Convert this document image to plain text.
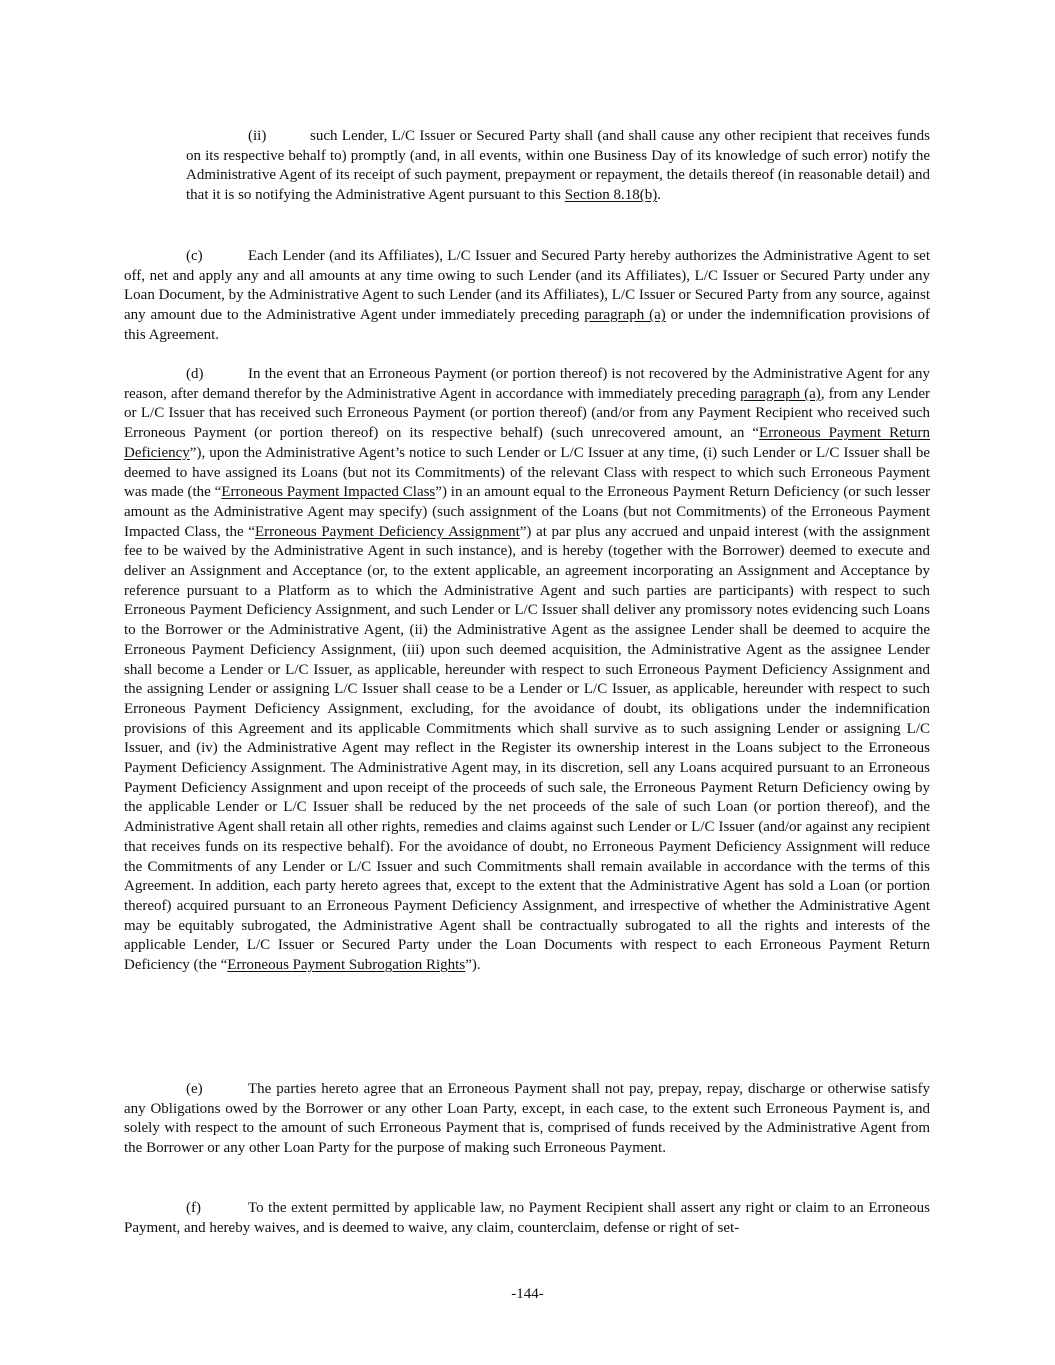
(ii)	such Lender, L/C Issuer or Secured Party shall (and shall cause any other recipient that receives funds on its respective behalf to) promptly (and, in all events, within one Business Day of its knowledge of such error) notify the Administrative Agent of its receipt of such payment, prepayment or repayment, the details thereof (in reasonable detail) and that it is so notifying the Administrative Agent pursuant to this Section 8.18(b).

(c)	Each Lender (and its Affiliates), L/C Issuer and Secured Party hereby authorizes the Administrative Agent to set off, net and apply any and all amounts at any time owing to such Lender (and its Affiliates), L/C Issuer or Secured Party under any Loan Document, by the Administrative Agent to such Lender (and its Affiliates), L/C Issuer or Secured Party from any source, against any amount due to the Administrative Agent under immediately preceding paragraph (a) or under the indemnification provisions of this Agreement.

(d)	In the event that an Erroneous Payment (or portion thereof) is not recovered by the Administrative Agent for any reason, after demand therefor by the Administrative Agent in accordance with immediately preceding paragraph (a), from any Lender or L/C Issuer that has received such Erroneous Payment (or portion thereof) (and/or from any Payment Recipient who received such Erroneous Payment (or portion thereof) on its respective behalf) (such unrecovered amount, an “Erroneous Payment Return Deficiency”), upon the Administrative Agent’s notice to such Lender or L/C Issuer at any time, (i) such Lender or L/C Issuer shall be deemed to have assigned its Loans (but not its Commitments) of the relevant Class with respect to which such Erroneous Payment was made (the “Erroneous Payment Impacted Class”) in an amount equal to the Erroneous Payment Return Deficiency (or such lesser amount as the Administrative Agent may specify) (such assignment of the Loans (but not Commitments) of the Erroneous Payment Impacted Class, the “Erroneous Payment Deficiency Assignment”) at par plus any accrued and unpaid interest (with the assignment fee to be waived by the Administrative Agent in such instance), and is hereby (together with the Borrower) deemed to execute and deliver an Assignment and Acceptance (or, to the extent applicable, an agreement incorporating an Assignment and Acceptance by reference pursuant to a Platform as to which the Administrative Agent and such parties are participants) with respect to such Erroneous Payment Deficiency Assignment, and such Lender or L/C Issuer shall deliver any promissory notes evidencing such Loans to the Borrower or the Administrative Agent, (ii) the Administrative Agent as the assignee Lender shall be deemed to acquire the Erroneous Payment Deficiency Assignment, (iii) upon such deemed acquisition, the Administrative Agent as the assignee Lender shall become a Lender or L/C Issuer, as applicable, hereunder with respect to such Erroneous Payment Deficiency Assignment and the assigning Lender or assigning L/C Issuer shall cease to be a Lender or L/C Issuer, as applicable, hereunder with respect to such Erroneous Payment Deficiency Assignment, excluding, for the avoidance of doubt, its obligations under the indemnification provisions of this Agreement and its applicable Commitments which shall survive as to such assigning Lender or assigning L/C Issuer, and (iv) the Administrative Agent may reflect in the Register its ownership interest in the Loans subject to the Erroneous Payment Deficiency Assignment. The Administrative Agent may, in its discretion, sell any Loans acquired pursuant to an Erroneous Payment Deficiency Assignment and upon receipt of the proceeds of such sale, the Erroneous Payment Return Deficiency owing by the applicable Lender or L/C Issuer shall be reduced by the net proceeds of the sale of such Loan (or portion thereof), and the Administrative Agent shall retain all other rights, remedies and claims against such Lender or L/C Issuer (and/or against any recipient that receives funds on its respective behalf). For the avoidance of doubt, no Erroneous Payment Deficiency Assignment will reduce the Commitments of any Lender or L/C Issuer and such Commitments shall remain available in accordance with the terms of this Agreement. In addition, each party hereto agrees that, except to the extent that the Administrative Agent has sold a Loan (or portion thereof) acquired pursuant to an Erroneous Payment Deficiency Assignment, and irrespective of whether the Administrative Agent may be equitably subrogated, the Administrative Agent shall be contractually subrogated to all the rights and interests of the applicable Lender, L/C Issuer or Secured Party under the Loan Documents with respect to each Erroneous Payment Return Deficiency (the “Erroneous Payment Subrogation Rights”).

(e)	The parties hereto agree that an Erroneous Payment shall not pay, prepay, repay, discharge or otherwise satisfy any Obligations owed by the Borrower or any other Loan Party, except, in each case, to the extent such Erroneous Payment is, and solely with respect to the amount of such Erroneous Payment that is, comprised of funds received by the Administrative Agent from the Borrower or any other Loan Party for the purpose of making such Erroneous Payment.

(f)	To the extent permitted by applicable law, no Payment Recipient shall assert any right or claim to an Erroneous Payment, and hereby waives, and is deemed to waive, any claim, counterclaim, defense or right of set-

-144-
